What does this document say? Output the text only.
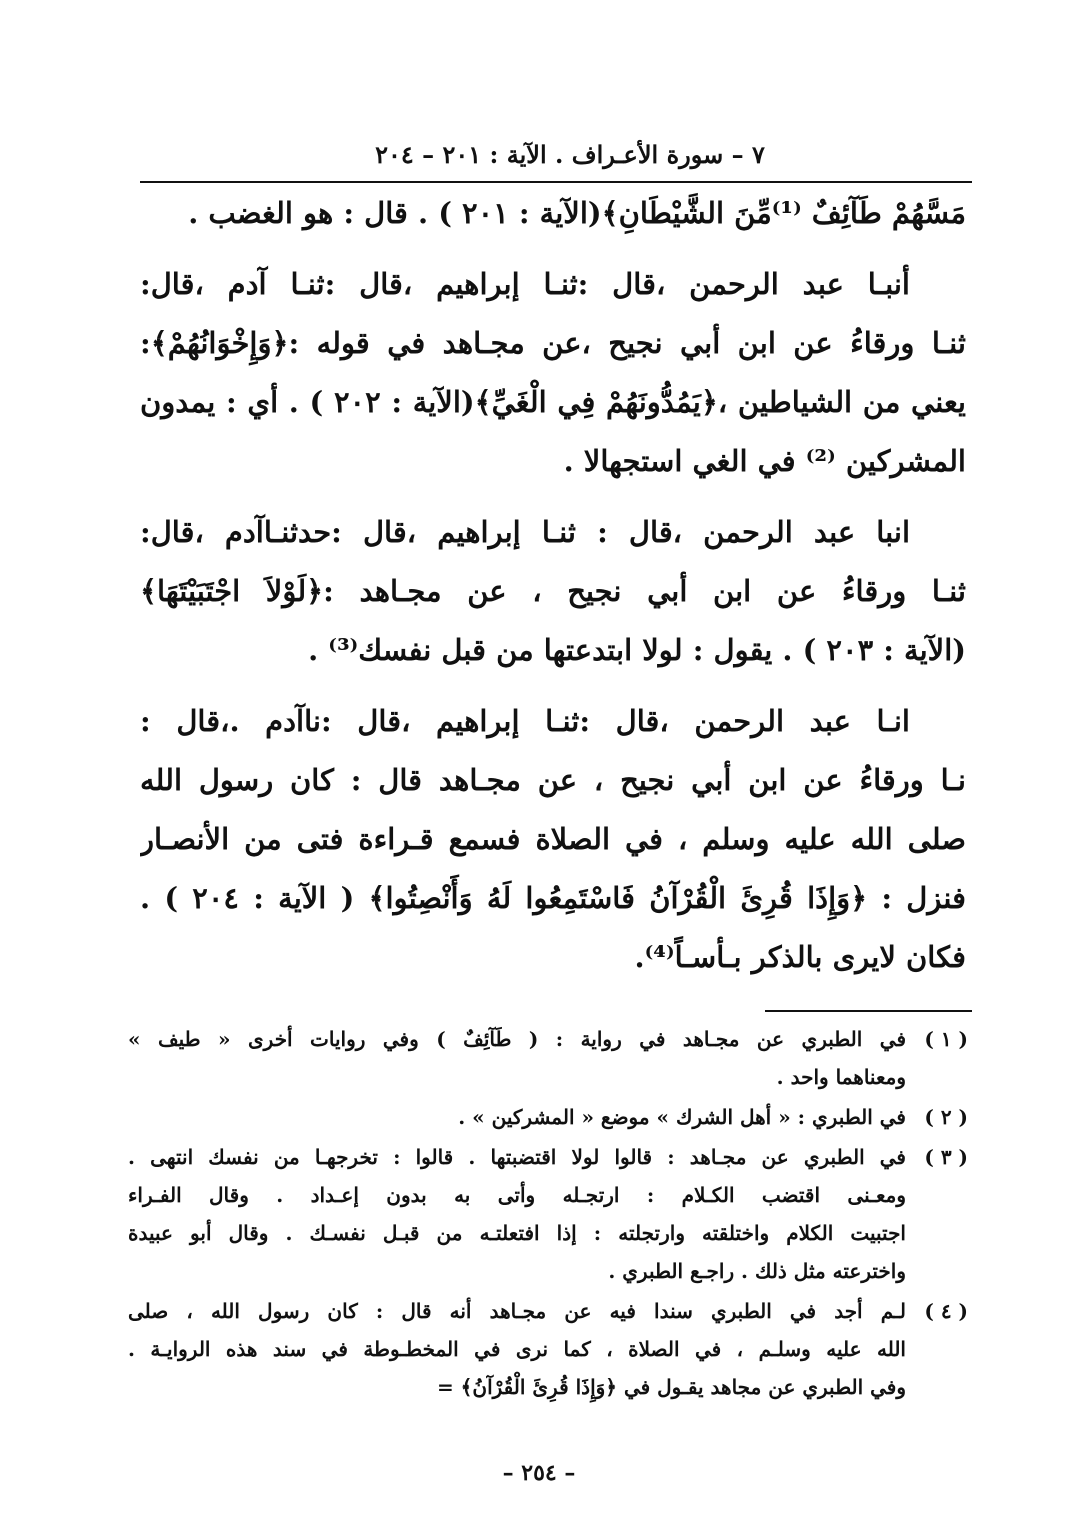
٧ – سورة الأعـراف . الآية : ٢٠١ – ٢٠٤
مَسَّهُمْ طَآئِفٌ ⁽¹⁾مِّنَ الشَّيْطَانِ﴾(الآية : ٢٠١ ) . قال : هو الغضب .
أنبـا عبد الرحمن ،قال :ثنـا إبراهيم ،قال :ثنـا آدم ،قال:
ثنـا ورقاءُ عن ابن أبي نجيح ،عن مجـاهد في قوله :﴿وَإِخْوَانُهُمْ﴾:
يعني من الشياطين ،﴿يَمُدُّونَهُمْ فِي الْغَيِّ﴾(الآية : ٢٠٢ ) . أي : يمدون
المشركين ⁽²⁾ في الغي استجهالا .
انبا عبد الرحمن ،قال : ثنـا إبراهيم ،قال :حدثنـاآدم ،قال:
ثنـا ورقاءُ عن ابن أبي نجيح ، عن مجـاهد :﴿لَوْلاَ اجْتَبَيْتَهَا﴾
(الآية : ٢٠٣ ) . يقول : لولا ابتدعتها من قبل نفسك⁽³⁾ .
انـا عبد الرحمن ،قال :ثنـا إبراهيم ،قال :ناآدم .،قال :
نـا ورقاءُ عن ابن أبي نجيح ، عن مجـاهد قال : كان رسول الله
صلى الله عليه وسلم ، في الصلاة فسمع قـراءة فتى من الأنصـار
فنزل : ﴿وَإِذَا قُرِئَ الْقُرْآنُ فَاسْتَمِعُوا لَهُ وَأَنْصِتُوا﴾ ( الآية : ٢٠٤ ) .
فكان لايرى بالذكر بـأسـاً⁽⁴⁾.
( ١ )
في الطبري عن مجـاهد في رواية : ( طَآئِفٌ ) وفي روايات أخرى « طيف »
ومعناهما واحد .
( ٢ )
في الطبري : « أهل الشرك » موضع « المشركين » .
( ٣ )
في الطبري عن مجـاهد : قالوا لولا اقتضبتها . قالوا : تخرجهـا من نفسك انتهى .
ومعـنى اقتضب الكـلام : ارتجـله وأتى به بدون إعـداد . وقال الفـراء
اجتبيت الكلام واختلقته وارتجلته : إذا افتعلتـه من قبـل نفسـك . وقال أبو عبيدة
واخترعته مثل ذلك . راجـع الطبري .
( ٤ )
لـم أجد في الطبري سندا فيه عن مجـاهد أنه قال : كان رسول الله ، صلى
الله عليه وسلـم ، في الصلاة ، كما نرى في المخطـوطة في سند هذه الروايـة .
وفي الطبري عن مجاهد يقـول في ﴿وَإِذَا قُرِئَ الْقُرْآنُ﴾ =
– ٢٥٤ –
